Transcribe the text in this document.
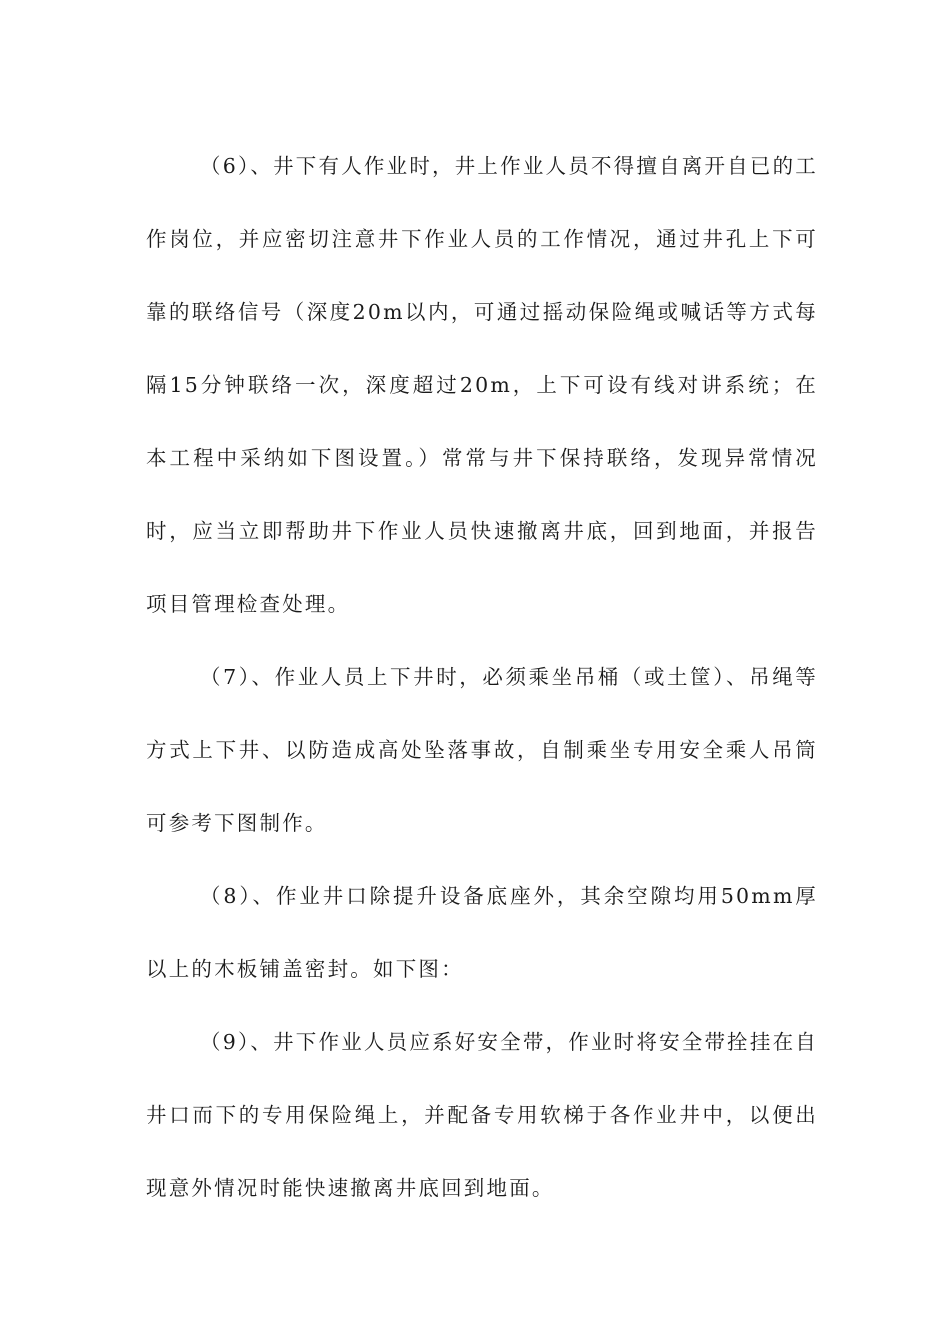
（6）、井下有人作业时，井上作业人员不得擅自离开自已的工作岗位，并应密切注意井下作业人员的工作情况，通过井孔上下可靠的联络信号（深度20m以内，可通过摇动保险绳或喊话等方式每隔15分钟联络一次，深度超过20m，上下可设有线对讲系统；在本工程中采纳如下图设置。）常常与井下保持联络，发现异常情况时，应当立即帮助井下作业人员快速撤离井底，回到地面，并报告项目管理检查处理。

（7）、作业人员上下井时，必须乘坐吊桶（或土筐）、吊绳等方式上下井、以防造成高处坠落事故，自制乘坐专用安全乘人吊筒可参考下图制作。

（8）、作业井口除提升设备底座外，其余空隙均用50mm厚以上的木板铺盖密封。如下图：

（9）、井下作业人员应系好安全带，作业时将安全带拴挂在自井口而下的专用保险绳上，并配备专用软梯于各作业井中，以便出现意外情况时能快速撤离井底回到地面。
